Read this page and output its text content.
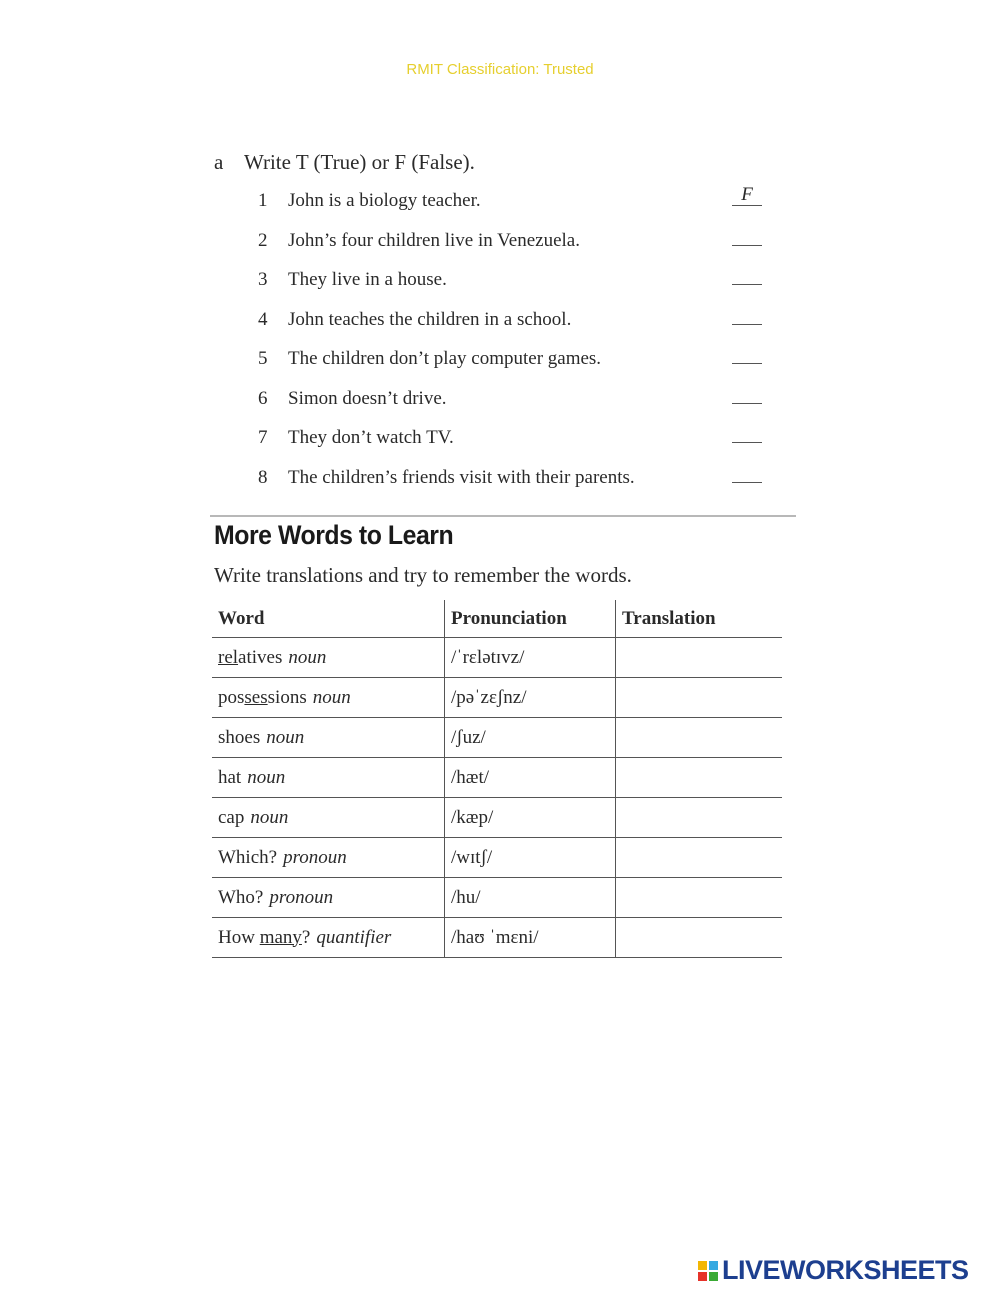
RMIT Classification: Trusted
a Write T (True) or F (False).
1 John is a biology teacher.	F
2 John’s four children live in Venezuela.
3 They live in a house.
4 John teaches the children in a school.
5 The children don’t play computer games.
6 Simon doesn’t drive.
7 They don’t watch TV.
8 The children’s friends visit with their parents.
More Words to Learn
Write translations and try to remember the words.
Word	Pronunciation	Translation
relatives noun	/ˈrɛlətɪvz/	
possessions noun	/pəˈzɛʃnz/	
shoes noun	/ʃuz/	
hat noun	/hæt/	
cap noun	/kæp/	
Which? pronoun	/wɪtʃ/	
Who? pronoun	/hu/	
How many? quantifier	/haʊ ˈmɛni/	
LIVEWORKSHEETS
